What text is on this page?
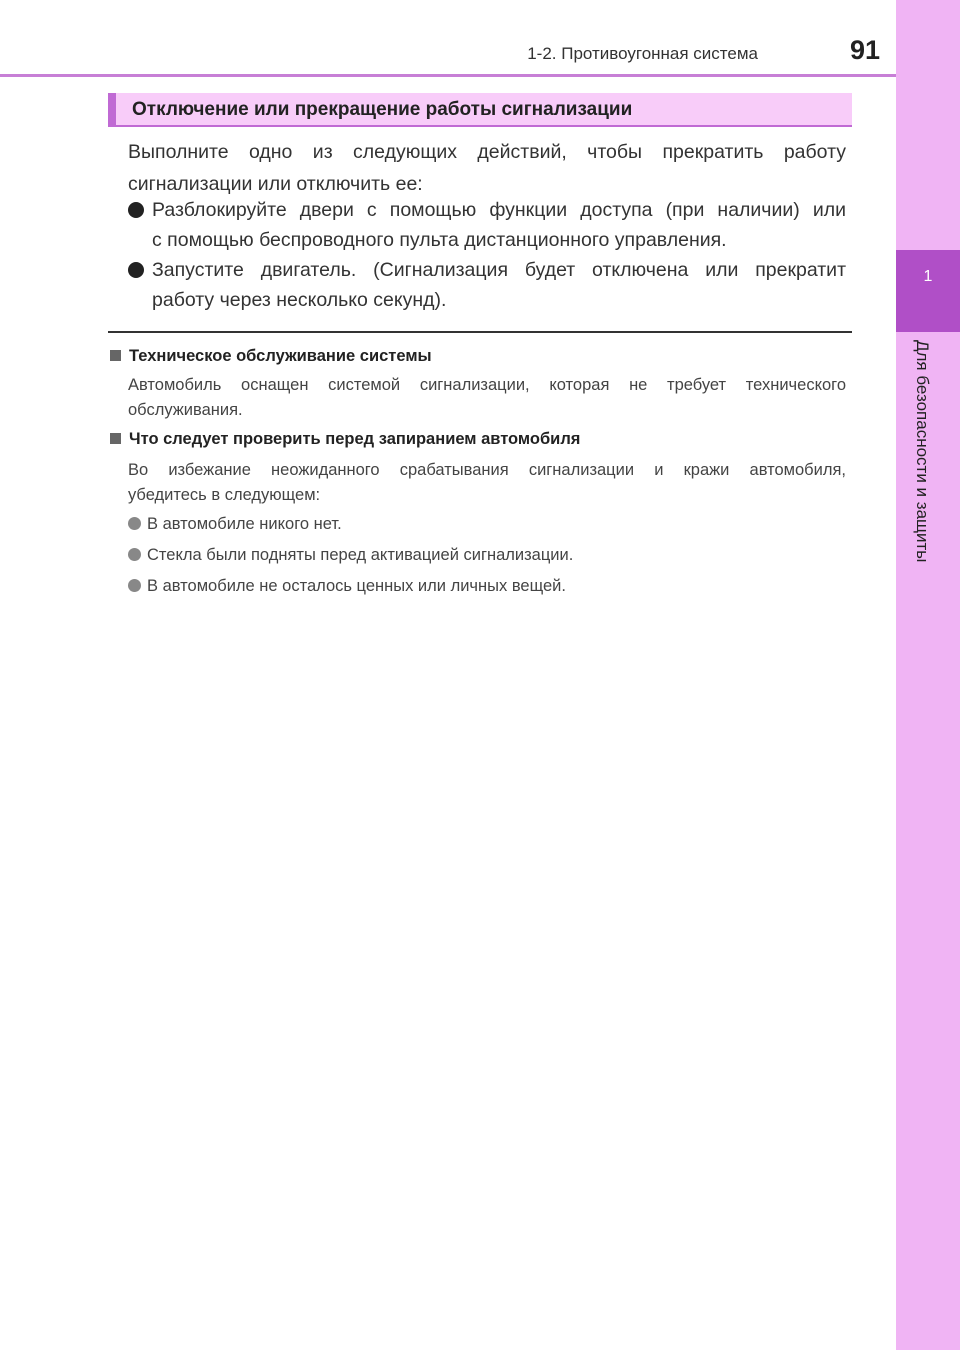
1
Для безопасности и защиты
1-2. Противоугонная система	91
Отключение или прекращение работы сигнализации
Выполните одно из следующих действий, чтобы прекратить работу
сигнализации или отключить ее:
Разблокируйте двери с помощью функции доступа (при наличии) или
с помощью беспроводного пульта дистанционного управления.
Запустите двигатель. (Сигнализация будет отключена или прекратит
работу через несколько секунд).
Техническое обслуживание системы
Автомобиль оснащен системой сигнализации, которая не требует технического
обслуживания.
Что следует проверить перед запиранием автомобиля
Во избежание неожиданного срабатывания сигнализации и кражи автомобиля,
убедитесь в следующем:
В автомобиле никого нет.
Стекла были подняты перед активацией сигнализации.
В автомобиле не осталось ценных или личных вещей.
